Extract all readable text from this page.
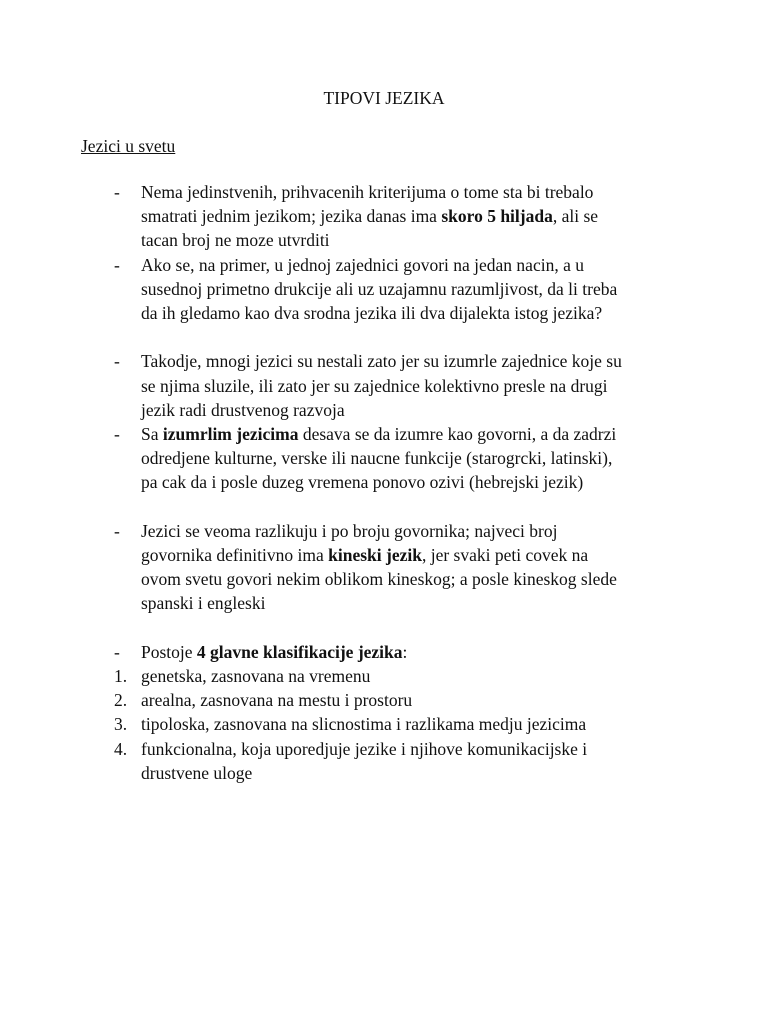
TIPOVI JEZIKA
Jezici u svetu
- Nema jedinstvenih, prihvacenih kriterijuma o tome sta bi trebalo
smatrati jednim jezikom; jezika danas ima skoro 5 hiljada, ali se
tacan broj ne moze utvrditi
- Ako se, na primer, u jednoj zajednici govori na jedan nacin, a u
susednoj primetno drukcije ali uz uzajamnu razumljivost, da li treba
da ih gledamo kao dva srodna jezika ili dva dijalekta istog jezika?
- Takodje, mnogi jezici su nestali zato jer su izumrle zajednice koje su
se njima sluzile, ili zato jer su zajednice kolektivno presle na drugi
jezik radi drustvenog razvoja
- Sa izumrlim jezicima desava se da izumre kao govorni, a da zadrzi
odredjene kulturne, verske ili naucne funkcije (starogrcki, latinski),
pa cak da i posle duzeg vremena ponovo ozivi (hebrejski jezik)
- Jezici se veoma razlikuju i po broju govornika; najveci broj
govornika definitivno ima kineski jezik, jer svaki peti covek na
ovom svetu govori nekim oblikom kineskog; a posle kineskog slede
spanski i engleski
- Postoje 4 glavne klasifikacije jezika:
1. genetska, zasnovana na vremenu
2. arealna, zasnovana na mestu i prostoru
3. tipoloska, zasnovana na slicnostima i razlikama medju jezicima
4. funkcionalna, koja uporedjuje jezike i njihove komunikacijske i
drustvene uloge
